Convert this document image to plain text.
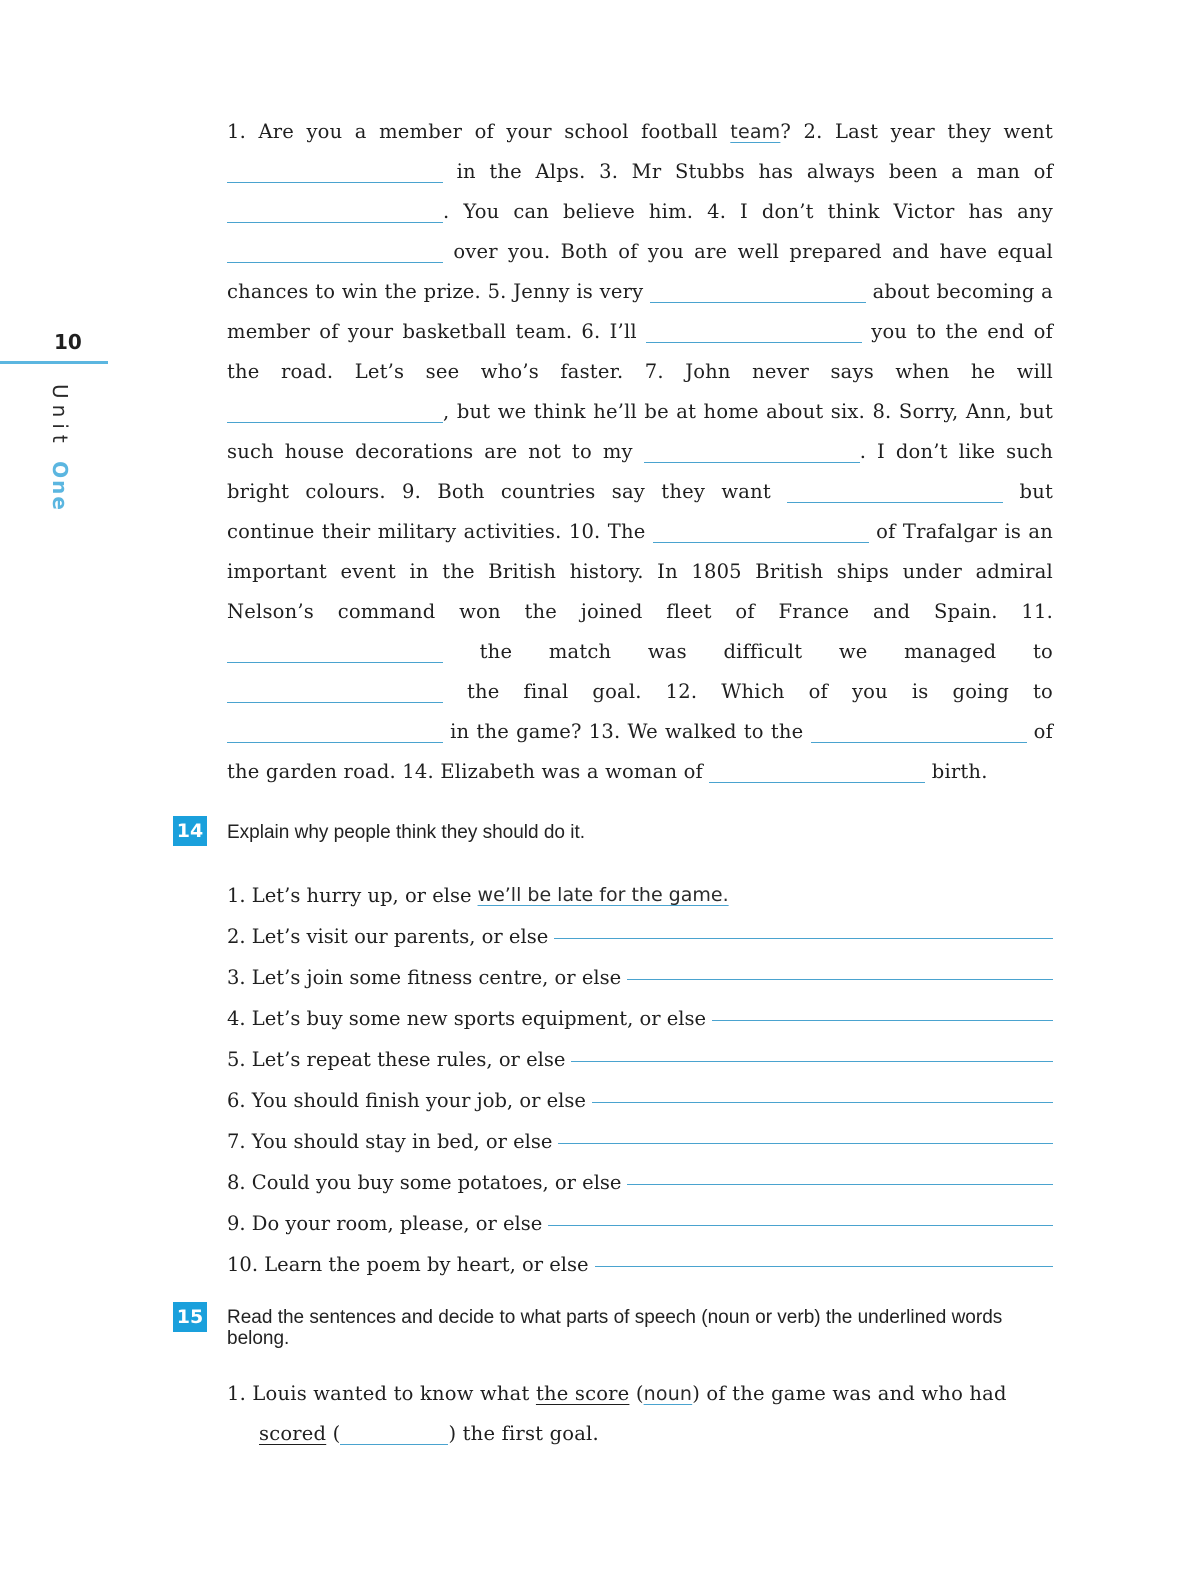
10
Unit One

1. Are you a member of your school football team? 2. Last year they went  in the Alps. 3. Mr Stubbs has always been a man of . You can believe him. 4. I don’t think Victor has any  over you. Both of you are well prepared and have equal chances to win the prize. 5. Jenny is very	about becoming a member of your basketball team. 6. I’ll	you to the end of the road. Let’s see who’s faster. 7. John never says when he will , but we think he’ll be at home about six. 8. Sorry, Ann, but such house decorations are not to my	. I don’t like such bright colours. 9. Both countries say they want	but continue their military activities. 10. The	of Trafalgar is an important event in the British history. In 1805 British ships under admiral Nelson’s command won the joined fleet of France and Spain. 11.  the match was difficult we managed to  the final goal. 12. Which of you is going to  in the game? 13. We walked to the	of the garden road. 14. Elizabeth was a woman of	birth.

14 Explain why people think they should do it.
1. Let’s hurry up, or else we’ll be late for the game.
2. Let’s visit our parents, or else
3. Let’s join some fitness centre, or else
4. Let’s buy some new sports equipment, or else
5. Let’s repeat these rules, or else
6. You should finish your job, or else
7. You should stay in bed, or else
8. Could you buy some potatoes, or else
9. Do your room, please, or else
10. Learn the poem by heart, or else
15 Read the sentences and decide to what parts of speech (noun or verb) the underlined words belong.

1. Louis wanted to know what the score (noun) of the game was and who had

scored (	) the first goal.
